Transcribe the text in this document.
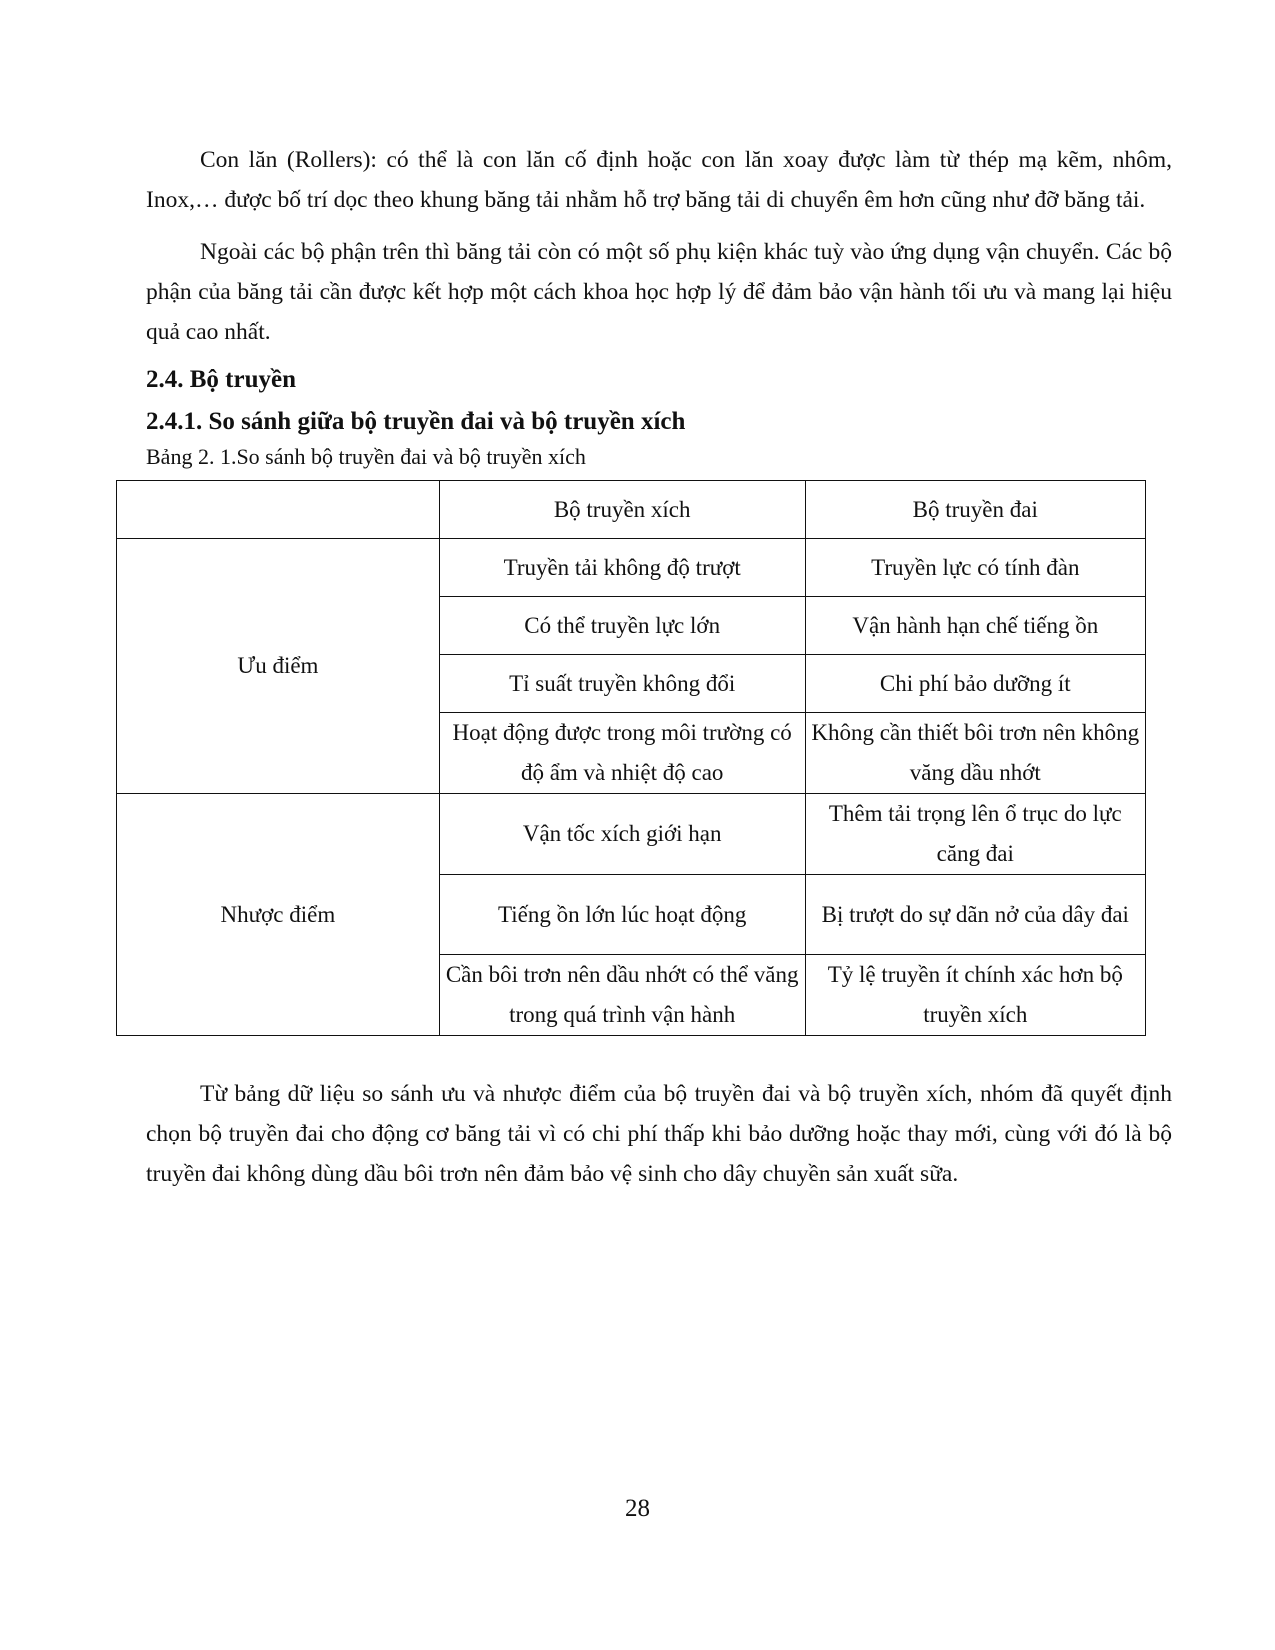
Con lăn (Rollers): có thể là con lăn cố định hoặc con lăn xoay được làm từ thép mạ kẽm, nhôm, Inox,… được bố trí dọc theo khung băng tải nhằm hỗ trợ băng tải di chuyển êm hơn cũng như đỡ băng tải.

Ngoài các bộ phận trên thì băng tải còn có một số phụ kiện khác tuỳ vào ứng dụng vận chuyển. Các bộ phận của băng tải cần được kết hợp một cách khoa học hợp lý để đảm bảo vận hành tối ưu và mang lại hiệu quả cao nhất.

2.4. Bộ truyền
2.4.1. So sánh giữa bộ truyền đai và bộ truyền xích
Bảng 2. 1.So sánh bộ truyền đai và bộ truyền xích
	Bộ truyền xích	Bộ truyền đai
Ưu điểm	Truyền tải không độ trượt	Truyền lực có tính đàn
	Có thể truyền lực lớn	Vận hành hạn chế tiếng ồn
	Tỉ suất truyền không đổi	Chi phí bảo dưỡng ít
	Hoạt động được trong môi trường có độ ẩm và nhiệt độ cao	Không cần thiết bôi trơn nên không văng dầu nhớt
Nhược điểm	Vận tốc xích giới hạn	Thêm tải trọng lên ổ trục do lực căng đai
	Tiếng ồn lớn lúc hoạt động	Bị trượt do sự dãn nở của dây đai
	Cần bôi trơn nên dầu nhớt có thể văng trong quá trình vận hành	Tỷ lệ truyền ít chính xác hơn bộ truyền xích

Từ bảng dữ liệu so sánh ưu và nhược điểm của bộ truyền đai và bộ truyền xích, nhóm đã quyết định chọn bộ truyền đai cho động cơ băng tải vì có chi phí thấp khi bảo dưỡng hoặc thay mới, cùng với đó là bộ truyền đai không dùng dầu bôi trơn nên đảm bảo vệ sinh cho dây chuyền sản xuất sữa.

28
